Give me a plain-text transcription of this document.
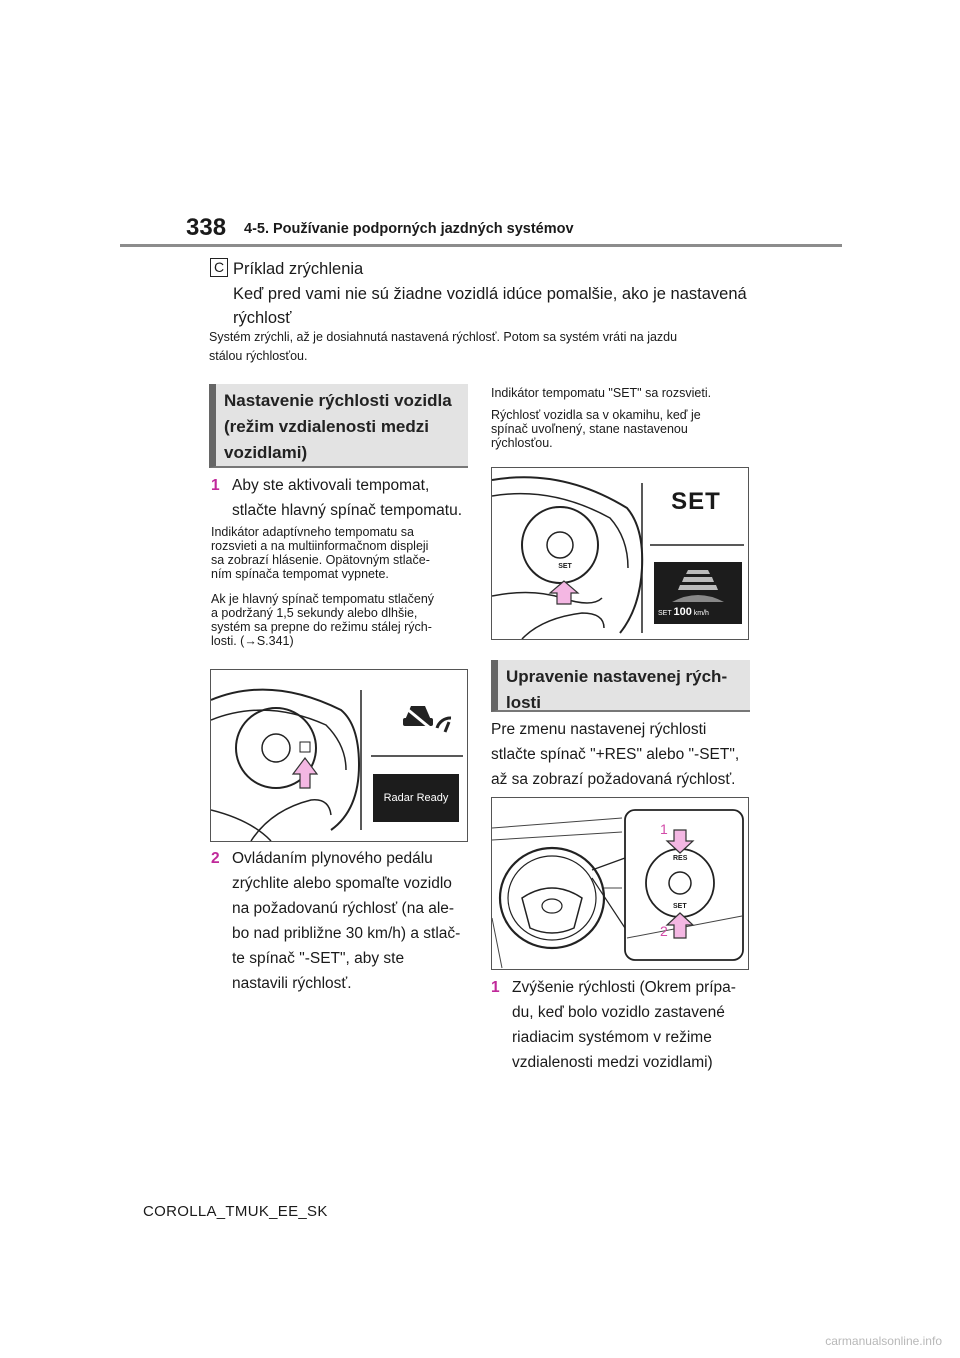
338 4-5. Používanie podporných jazdných systémov
C Príklad zrýchlenia
Keď pred vami nie sú žiadne vozidlá idúce pomalšie, ako je nastavená
rýchlosť
Systém zrýchli, až je dosiahnutá nastavená rýchlosť. Potom sa systém vráti na jazdu
stálou rýchlosťou.
Nastavenie rýchlosti vozidla
(režim vzdialenosti medzi
vozidlami)
1 Aby ste aktivovali tempomat,
stlačte hlavný spínač tempomatu.
Indikátor adaptívneho tempomatu sa
rozsvieti a na multiinformačnom displeji
sa zobrazí hlásenie. Opätovným stlače-
ním spínača tempomat vypnete.
Ak je hlavný spínač tempomatu stlačený
a podržaný 1,5 sekundy alebo dlhšie,
systém sa prepne do režimu stálej rých-
losti. (→S.341)
Radar Ready
2 Ovládaním plynového pedálu
zrýchlite alebo spomaľte vozidlo
na požadovanú rýchlosť (na ale-
bo nad približne 30 km/h) a stlač-
te spínač "-SET", aby ste
nastavili rýchlosť.
Indikátor tempomatu "SET" sa rozsvieti.
Rýchlosť vozidla sa v okamihu, keď je
spínač uvoľnený, stane nastavenou
rýchlosťou.
SET
SET
SET 100 km/h
Upravenie nastavenej rých-
losti
Pre zmenu nastavenej rýchlosti
stlačte spínač "+RES" alebo "-SET",
až sa zobrazí požadovaná rýchlosť.
1
2
RES
SET
1 Zvýšenie rýchlosti (Okrem prípa-
du, keď bolo vozidlo zastavené
riadiacim systémom v režime
vzdialenosti medzi vozidlami)
COROLLA_TMUK_EE_SK
carmanualsonline.info
